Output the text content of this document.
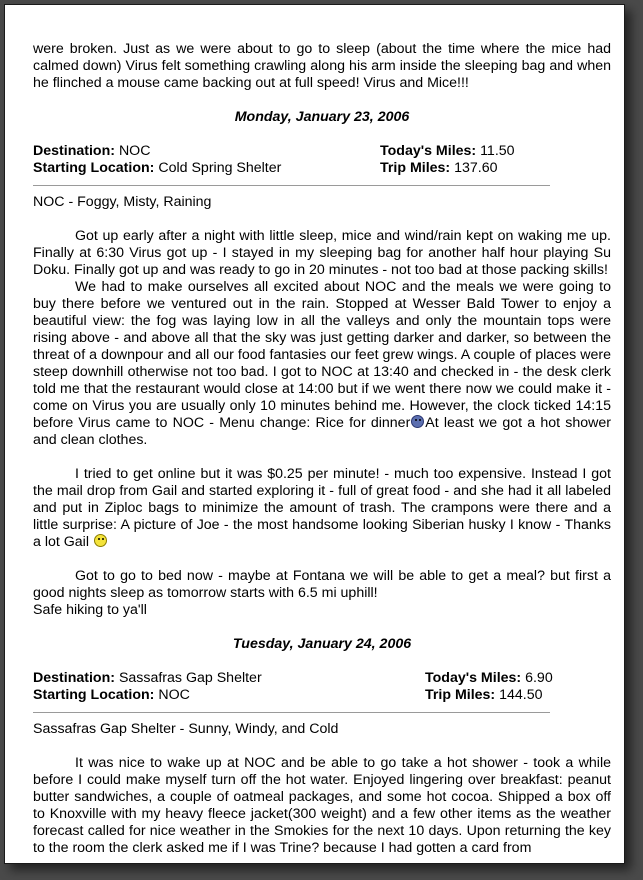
were broken. Just as we were about to go to sleep (about the time where the mice had calmed down) Virus felt something crawling along his arm inside the sleeping bag and when he flinched a mouse came backing out at full speed! Virus and Mice!!!

Monday, January 23, 2006
Destination: NOC
Starting Location: Cold Spring Shelter
Today's Miles: 11.50
Trip Miles: 137.60

NOC - Foggy, Misty, Raining

Got up early after a night with little sleep, mice and wind/rain kept on waking me up. Finally at 6:30 Virus got up - I stayed in my sleeping bag for another half hour playing Su Doku. Finally got up and was ready to go in 20 minutes - not too bad at those packing skills!

We had to make ourselves all excited about NOC and the meals we were going to buy there before we ventured out in the rain. Stopped at Wesser Bald Tower to enjoy a beautiful view: the fog was laying low in all the valleys and only the mountain tops were rising above - and above all that the sky was just getting darker and darker, so between the threat of a downpour and all our food fantasies our feet grew wings. A couple of places were steep downhill otherwise not too bad. I got to NOC at 13:40 and checked in - the desk clerk told me that the restaurant would close at 14:00 but if we went there now we could make it - come on Virus you are usually only 10 minutes behind me. However, the clock ticked 14:15 before Virus came to NOC - Menu change: Rice for dinner At least we got a hot shower and clean clothes.

I tried to get online but it was $0.25 per minute! - much too expensive. Instead I got the mail drop from Gail and started exploring it - full of great food - and she had it all labeled and put in Ziploc bags to minimize the amount of trash. The crampons were there and a little surprise: A picture of Joe - the most handsome looking Siberian husky I know - Thanks a lot Gail

Got to go to bed now - maybe at Fontana we will be able to get a meal? but first a good nights sleep as tomorrow starts with 6.5 mi uphill!

Safe hiking to ya'll

Tuesday, January 24, 2006
Destination: Sassafras Gap Shelter
Starting Location: NOC
Today's Miles: 6.90
Trip Miles: 144.50

Sassafras Gap Shelter - Sunny, Windy, and Cold

It was nice to wake up at NOC and be able to go take a hot shower - took a while before I could make myself turn off the hot water. Enjoyed lingering over breakfast: peanut butter sandwiches, a couple of oatmeal packages, and some hot cocoa. Shipped a box off to Knoxville with my heavy fleece jacket(300 weight) and a few other items as the weather forecast called for nice weather in the Smokies for the next 10 days. Upon returning the key to the room the clerk asked me if I was Trine? because I had gotten a card from
